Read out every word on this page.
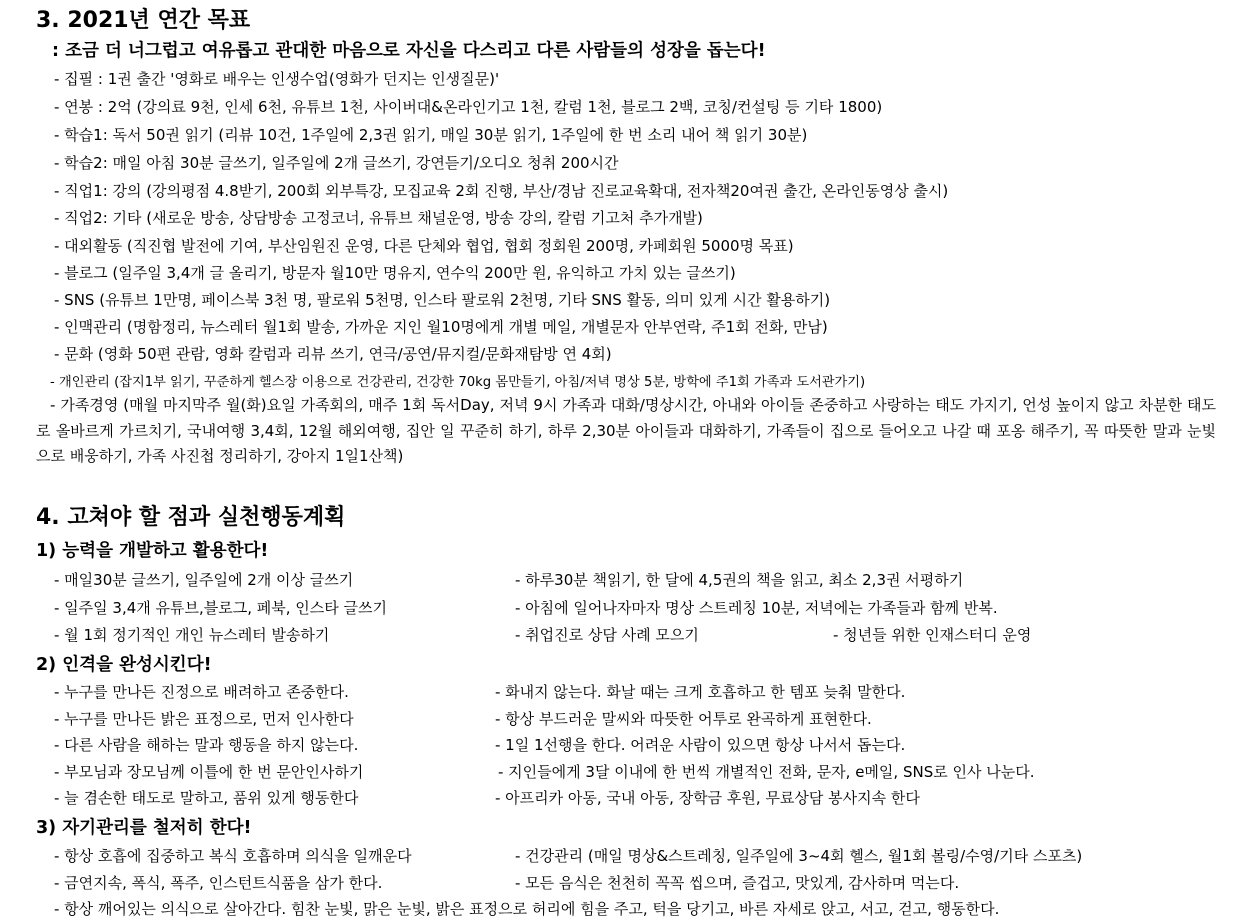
3. 2021년 연간 목표
: 조금 더 너그럽고 여유롭고 관대한 마음으로 자신을 다스리고 다른 사람들의 성장을 돕는다!
- 집필 : 1권 출간 '영화로 배우는 인생수업(영화가 던지는 인생질문)'
- 연봉 : 2억 (강의료 9천, 인세 6천, 유튜브 1천, 사이버대&온라인기고 1천, 칼럼 1천, 블로그 2백, 코칭/컨설팅 등 기타 1800)
- 학습1: 독서 50권 읽기 (리뷰 10건, 1주일에 2,3권 읽기, 매일 30분 읽기, 1주일에 한 번 소리 내어 책 읽기 30분)
- 학습2: 매일 아침 30분 글쓰기, 일주일에 2개 글쓰기, 강연듣기/오디오 청취 200시간
- 직업1: 강의 (강의평점 4.8받기, 200회 외부특강, 모집교육 2회 진행, 부산/경남 진로교육확대, 전자책20여권 출간, 온라인동영상 출시)
- 직업2: 기타 (새로운 방송, 상담방송 고정코너, 유튜브 채널운영, 방송 강의, 칼럼 기고처 추가개발)
- 대외활동 (직진협 발전에 기여, 부산임원진 운영, 다른 단체와 협업, 협회 정회원 200명, 카페회원 5000명 목표)
- 블로그 (일주일 3,4개 글 올리기, 방문자 월10만 명유지, 연수익 200만 원, 유익하고 가치 있는 글쓰기)
- SNS (유튜브 1만명, 페이스북 3천 명, 팔로워 5천명, 인스타 팔로워 2천명, 기타 SNS 활동, 의미 있게 시간 활용하기)
- 인맥관리 (명함정리, 뉴스레터 월1회 발송, 가까운 지인 월10명에게 개별 메일, 개별문자 안부연락, 주1회 전화, 만남)
- 문화 (영화 50편 관람, 영화 칼럼과 리뷰 쓰기, 연극/공연/뮤지컬/문화재탐방 연 4회)
- 개인관리 (잡지1부 읽기, 꾸준하게 헬스장 이용으로 건강관리, 건강한 70kg 몸만들기, 아침/저녁 명상 5분, 방학에 주1회 가족과 도서관가기)
- 가족경영 (매월 마지막주 월(화)요일 가족회의, 매주 1회 독서Day, 저녁 9시 가족과 대화/명상시간, 아내와 아이들 존중하고 사랑하는 태도 가지기, 언성 높이지 않고 차분한 태도로 올바르게 가르치기, 국내여행 3,4회, 12월 해외여행, 집안 일 꾸준히 하기, 하루 2,30분 아이들과 대화하기, 가족들이 집으로 들어오고 나갈 때 포옹 해주기, 꼭 따뜻한 말과 눈빛으로 배웅하기, 가족 사진첩 정리하기, 강아지 1일1산책)
4. 고쳐야 할 점과 실천행동계획
1) 능력을 개발하고 활용한다!
- 매일30분 글쓰기, 일주일에 2개 이상 글쓰기	- 하루30분 책읽기, 한 달에 4,5권의 책을 읽고, 최소 2,3권 서평하기
- 일주일 3,4개 유튜브,블로그, 페북, 인스타 글쓰기	- 아침에 일어나자마자 명상 스트레칭 10분, 저녁에는 가족들과 함께 반복.
- 월 1회 정기적인 개인 뉴스레터 발송하기	- 취업진로 상담 사례 모으기	- 청년들 위한 인재스터디 운영
2) 인격을 완성시킨다!
- 누구를 만나든 진정으로 배려하고 존중한다.	- 화내지 않는다. 화날 때는 크게 호흡하고 한 템포 늦춰 말한다.
- 누구를 만나든 밝은 표정으로, 먼저 인사한다	- 항상 부드러운 말씨와 따뜻한 어투로 완곡하게 표현한다.
- 다른 사람을 해하는 말과 행동을 하지 않는다.	- 1일 1선행을 한다. 어려운 사람이 있으면 항상 나서서 돕는다.
- 부모님과 장모님께 이틀에 한 번 문안인사하기	- 지인들에게 3달 이내에 한 번씩 개별적인 전화, 문자, e메일, SNS로 인사 나눈다.
- 늘 겸손한 태도로 말하고, 품위 있게 행동한다	- 아프리카 아동, 국내 아동, 장학금 후원, 무료상담 봉사지속 한다
3) 자기관리를 철저히 한다!
- 항상 호흡에 집중하고 복식 호흡하며 의식을 일깨운다	- 건강관리 (매일 명상&스트레칭, 일주일에 3~4회 헬스, 월1회 볼링/수영/기타 스포츠)
- 금연지속, 폭식, 폭주, 인스턴트식품을 삼가 한다.	- 모든 음식은 천천히 꼭꼭 씹으며, 즐겁고, 맛있게, 감사하며 먹는다.
- 항상 깨어있는 의식으로 살아간다. 힘찬 눈빛, 맑은 눈빛, 밝은 표정으로 허리에 힘을 주고, 턱을 당기고, 바른 자세로 앉고, 서고, 걷고, 행동한다.
